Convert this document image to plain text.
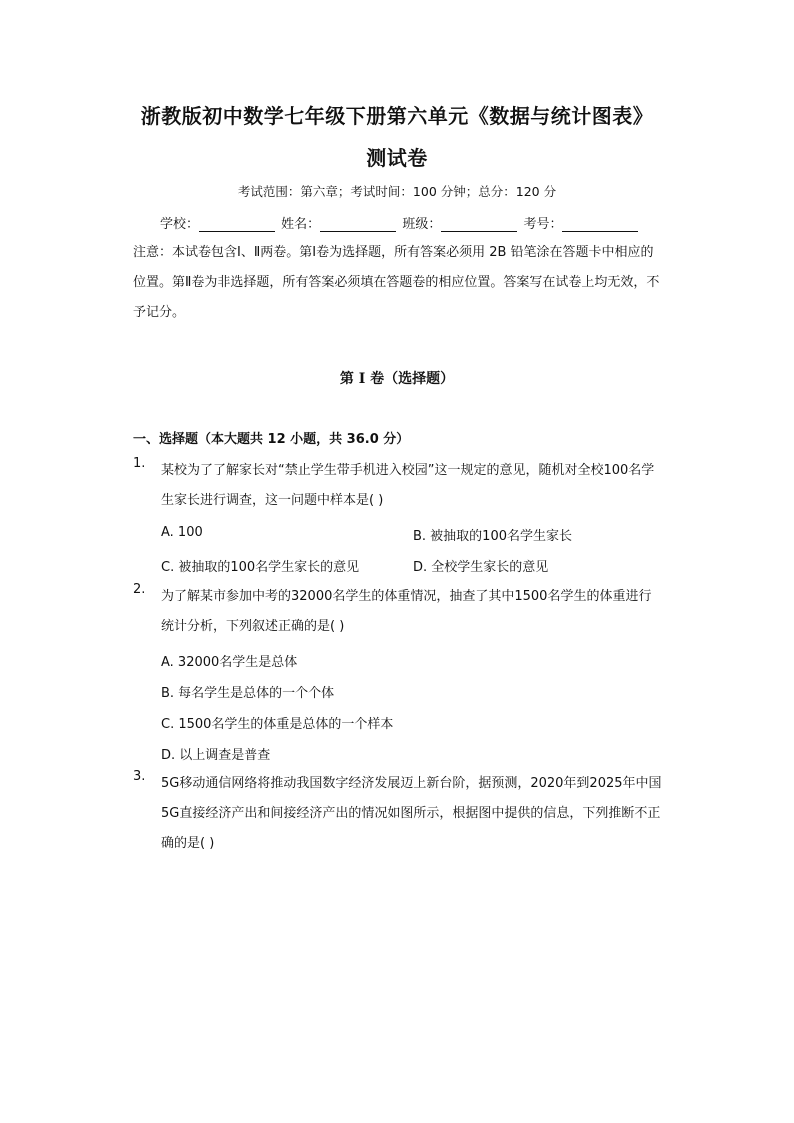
浙教版初中数学七年级下册第六单元《数据与统计图表》
测试卷
考试范围：第六章；考试时间：100 分钟；总分：120 分
学校：	姓名：	班级：	考号：
注意：本试卷包含Ⅰ、Ⅱ两卷。第Ⅰ卷为选择题，所有答案必须用 2B 铅笔涂在答题卡中相应的位置。第Ⅱ卷为非选择题，所有答案必须填在答题卷的相应位置。答案写在试卷上均无效，不予记分。
第 I 卷（选择题）
一、选择题（本大题共 12 小题，共 36.0 分）
1.	某校为了了解家长对“禁止学生带手机进入校园”这一规定的意见，随机对全校100名学生家长进行调查，这一问题中样本是( )
A. 100	B. 被抽取的100名学生家长
C. 被抽取的100名学生家长的意见	D. 全校学生家长的意见
2.	为了解某市参加中考的32000名学生的体重情况，抽查了其中1500名学生的体重进行统计分析，下列叙述正确的是( )
A. 32000名学生是总体
B. 每名学生是总体的一个个体
C. 1500名学生的体重是总体的一个样本
D. 以上调查是普查
3.	5G移动通信网络将推动我国数字经济发展迈上新台阶，据预测，2020年到2025年中国5G直接经济产出和间接经济产出的情况如图所示，根据图中提供的信息，下列推断不正确的是( )
